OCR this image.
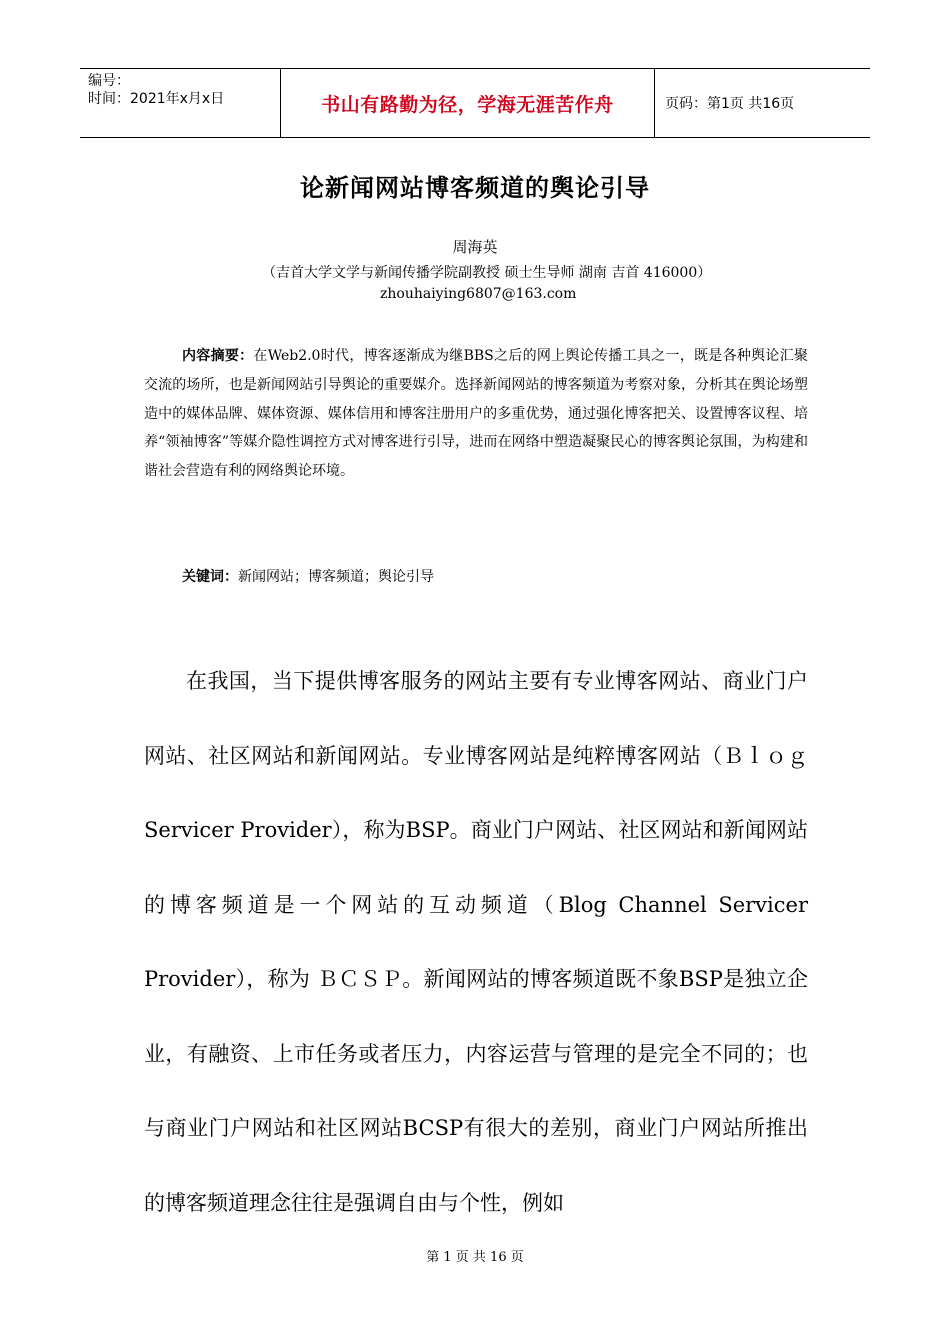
编号：
时间：2021年x月x日	书山有路勤为径，学海无涯苦作舟	页码：第1页 共16页
论新闻网站博客频道的舆论引导
周海英
（吉首大学文学与新闻传播学院副教授 硕士生导师 湖南 吉首 416000）
zhouhaiying6807@163.com
内容摘要：在Web2.0时代，博客逐渐成为继BBS之后的网上舆论传播工具之一，既是各种舆论汇聚交流的场所，也是新闻网站引导舆论的重要媒介。选择新闻网站的博客频道为考察对象，分析其在舆论场塑造中的媒体品牌、媒体资源、媒体信用和博客注册用户的多重优势，通过强化博客把关、设置博客议程、培养“领袖博客”等媒介隐性调控方式对博客进行引导，进而在网络中塑造凝聚民心的博客舆论氛围，为构建和谐社会营造有利的网络舆论环境。
关键词：新闻网站；博客频道；舆论引导
在我国，当下提供博客服务的网站主要有专业博客网站、商业门户网站、社区网站和新闻网站。专业博客网站是纯粹博客网站（Ｂｌｏｇ Servicer Provider），称为BSP。商业门户网站、社区网站和新闻网站的博客频道是一个网站的互动频道（Blog Channel Servicer Provider），称为 ＢＣＳＰ。新闻网站的博客频道既不象BSP是独立企业，有融资、上市任务或者压力，内容运营与管理的是完全不同的；也与商业门户网站和社区网站BCSP有很大的差别，商业门户网站所推出的博客频道理念往往是强调自由与个性，例如
第 1 页 共 16 页
